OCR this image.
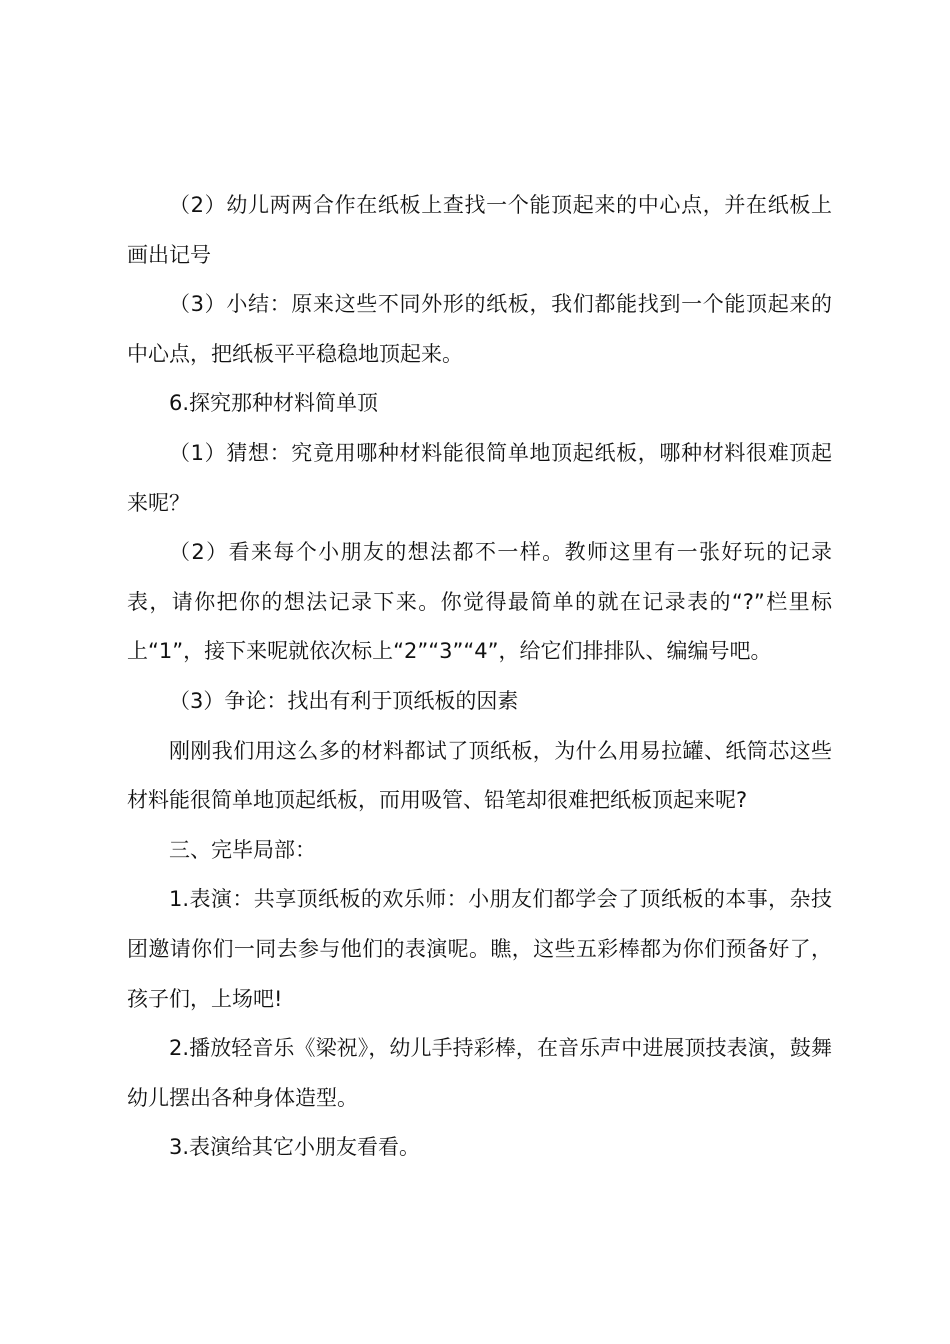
（2）幼儿两两合作在纸板上查找一个能顶起来的中心点，并在纸板上画出记号

（3）小结：原来这些不同外形的纸板，我们都能找到一个能顶起来的中心点，把纸板平平稳稳地顶起来。

6.探究那种材料简单顶

（1）猜想：究竟用哪种材料能很简单地顶起纸板，哪种材料很难顶起来呢？

（2）看来每个小朋友的想法都不一样。教师这里有一张好玩的记录表，请你把你的想法记录下来。你觉得最简单的就在记录表的“?”栏里标上“1”，接下来呢就依次标上“2”“3”“4”，给它们排排队、编编号吧。

（3）争论：找出有利于顶纸板的因素

刚刚我们用这么多的材料都试了顶纸板，为什么用易拉罐、纸筒芯这些材料能很简单地顶起纸板，而用吸管、铅笔却很难把纸板顶起来呢?

三、完毕局部：

1.表演：共享顶纸板的欢乐师：小朋友们都学会了顶纸板的本事，杂技团邀请你们一同去参与他们的表演呢。瞧，这些五彩棒都为你们预备好了，孩子们，上场吧!

2.播放轻音乐《梁祝》，幼儿手持彩棒，在音乐声中进展顶技表演，鼓舞幼儿摆出各种身体造型。

3.表演给其它小朋友看看。
